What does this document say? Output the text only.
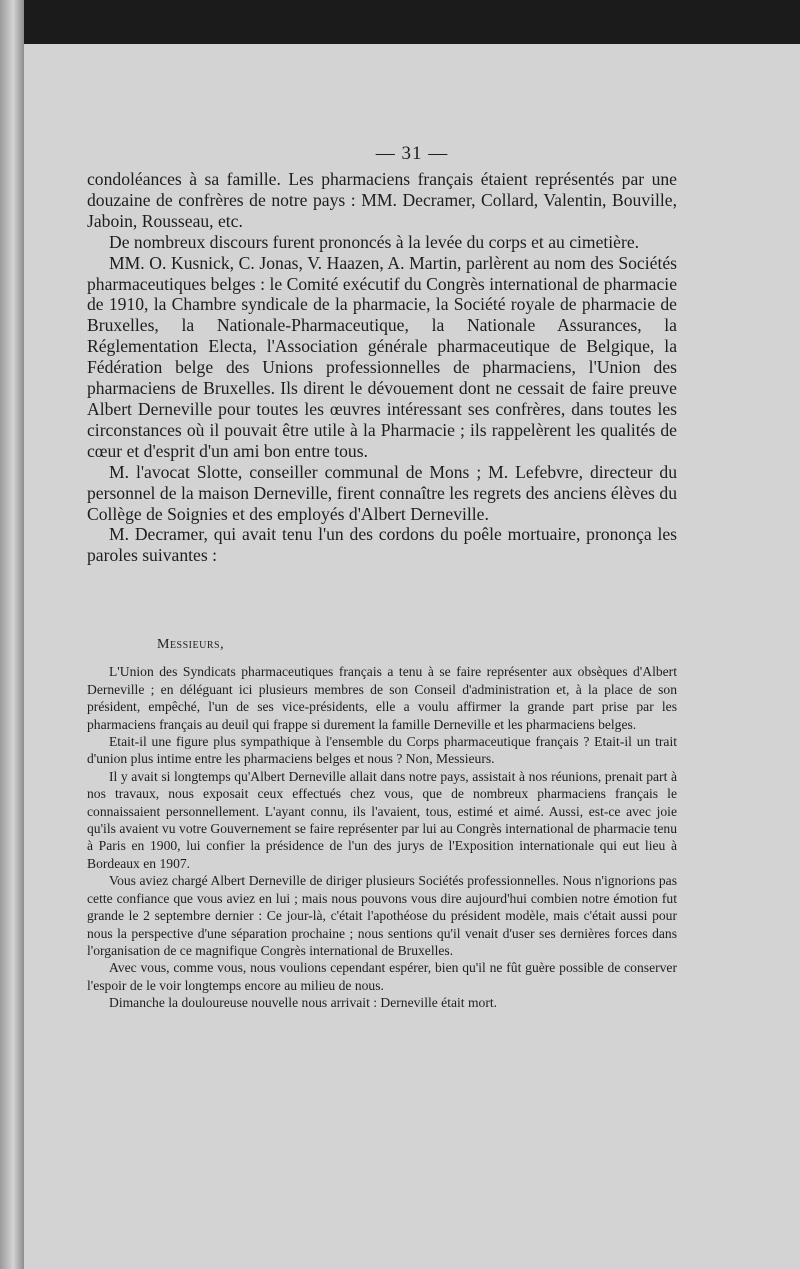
— 31 —

condoléances à sa famille. Les pharmaciens français étaient représentés par une douzaine de confrères de notre pays : MM. Decramer, Collard, Valentin, Bouville, Jaboin, Rousseau, etc.

De nombreux discours furent prononcés à la levée du corps et au cimetière.

MM. O. Kusnick, C. Jonas, V. Haazen, A. Martin, parlèrent au nom des Sociétés pharmaceutiques belges : le Comité exécutif du Congrès international de pharmacie de 1910, la Chambre syndicale de la pharmacie, la Société royale de pharmacie de Bruxelles, la Nationale-Pharmaceutique, la Nationale Assurances, la Réglementation Electa, l'Association générale pharmaceutique de Belgique, la Fédération belge des Unions professionnelles de pharmaciens, l'Union des pharmaciens de Bruxelles. Ils dirent le dévouement dont ne cessait de faire preuve Albert Derneville pour toutes les œuvres intéressant ses confrères, dans toutes les circonstances où il pouvait être utile à la Pharmacie ; ils rappelèrent les qualités de cœur et d'esprit d'un ami bon entre tous.

M. l'avocat Slotte, conseiller communal de Mons ; M. Lefebvre, directeur du personnel de la maison Derneville, firent connaître les regrets des anciens élèves du Collège de Soignies et des employés d'Albert Derneville.

M. Decramer, qui avait tenu l'un des cordons du poêle mortuaire, prononça les paroles suivantes :

Messieurs,

L'Union des Syndicats pharmaceutiques français a tenu à se faire représenter aux obsèques d'Albert Derneville ; en déléguant ici plusieurs membres de son Conseil d'administration et, à la place de son président, empêché, l'un de ses vice-présidents, elle a voulu affirmer la grande part prise par les pharmaciens français au deuil qui frappe si durement la famille Derneville et les pharmaciens belges.

Etait-il une figure plus sympathique à l'ensemble du Corps pharmaceutique français ? Etait-il un trait d'union plus intime entre les pharmaciens belges et nous ? Non, Messieurs.

Il y avait si longtemps qu'Albert Derneville allait dans notre pays, assistait à nos réunions, prenait part à nos travaux, nous exposait ceux effectués chez vous, que de nombreux pharmaciens français le connaissaient personnellement. L'ayant connu, ils l'avaient, tous, estimé et aimé. Aussi, est-ce avec joie qu'ils avaient vu votre Gouvernement se faire représenter par lui au Congrès international de pharmacie tenu à Paris en 1900, lui confier la présidence de l'un des jurys de l'Exposition internationale qui eut lieu à Bordeaux en 1907.

Vous aviez chargé Albert Derneville de diriger plusieurs Sociétés professionnelles. Nous n'ignorions pas cette confiance que vous aviez en lui ; mais nous pouvons vous dire aujourd'hui combien notre émotion fut grande le 2 septembre dernier : Ce jour-là, c'était l'apothéose du président modèle, mais c'était aussi pour nous la perspective d'une séparation prochaine ; nous sentions qu'il venait d'user ses dernières forces dans l'organisation de ce magnifique Congrès international de Bruxelles.

Avec vous, comme vous, nous voulions cependant espérer, bien qu'il ne fût guère possible de conserver l'espoir de le voir longtemps encore au milieu de nous.

Dimanche la douloureuse nouvelle nous arrivait : Derneville était mort.
